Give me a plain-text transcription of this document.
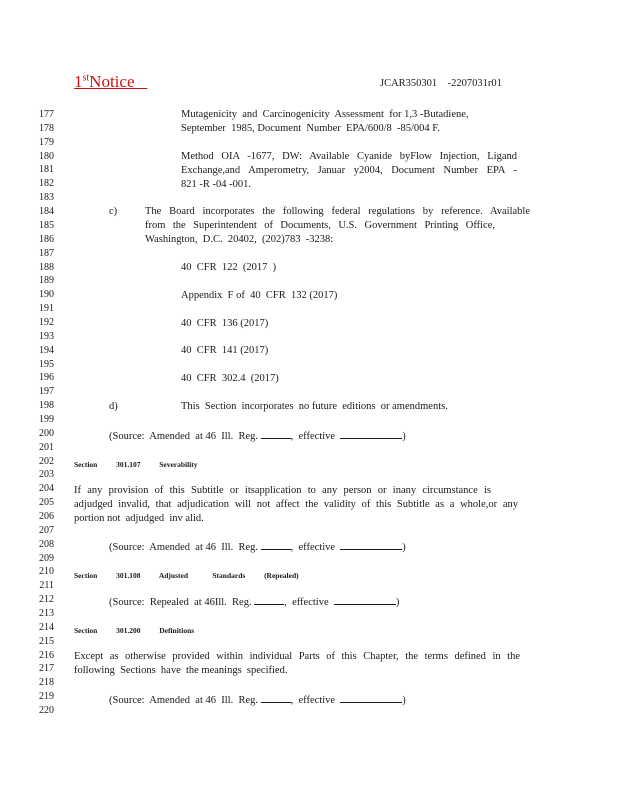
1stNotice	JCAR350301    -2207031r01
177
178
179
180
181
182
183
184
185
186
187
188
189
190
191
192
193
194
195
196
197
198
199
200
201
202
203
204
205
206
207
208
209
210
211
212
213
214
215
216
217
218
219
220
Mutagenicity  and  Carcinogenicity  Assessment  for 1,3 -Butadiene,
September  1985, Document  Number  EPA/600/8  -85/004 F.
Method OIA -1677, DW: Available Cyanide byFlow Injection, Ligand
Exchange,and Amperometry, Januar y2004, Document Number EPA -
821 -R -04 -001.
c)	The Board incorporates the following federal regulations by reference. Available
from the Superintendent of Documents, U.S. Government Printing Office,
Washington,  D.C.  20402,  (202)783  -3238:
40  CFR  122  (2017  )
Appendix  F of  40  CFR  132 (2017)
40  CFR  136 (2017)
40  CFR  141 (2017)
40  CFR  302.4  (2017)
d)	This  Section  incorporates  no future  editions  or amendments.
(Source:  Amended  at 46  Ill.  Reg.	,  effective	)
Section	301.107	Severability
If any provision of this Subtitle or itsapplication to any person or inany circumstance is
adjudged invalid, that adjudication will not affect the validity of this Subtitle as a whole,or any
portion not  adjudged  inv alid.
(Source:  Amended  at 46  Ill.  Reg.	,  effective	)
Section	301.108 Adjusted	Standards	(Repealed)
(Source:  Repealed  at 46Ill.  Reg.	,  effective	)
Section	301.200	Definitions
Except as otherwise provided within individual Parts of this Chapter, the terms defined in the
following  Sections  have  the meanings  specified.
(Source:  Amended  at 46  Ill.  Reg.	,  effective	)
